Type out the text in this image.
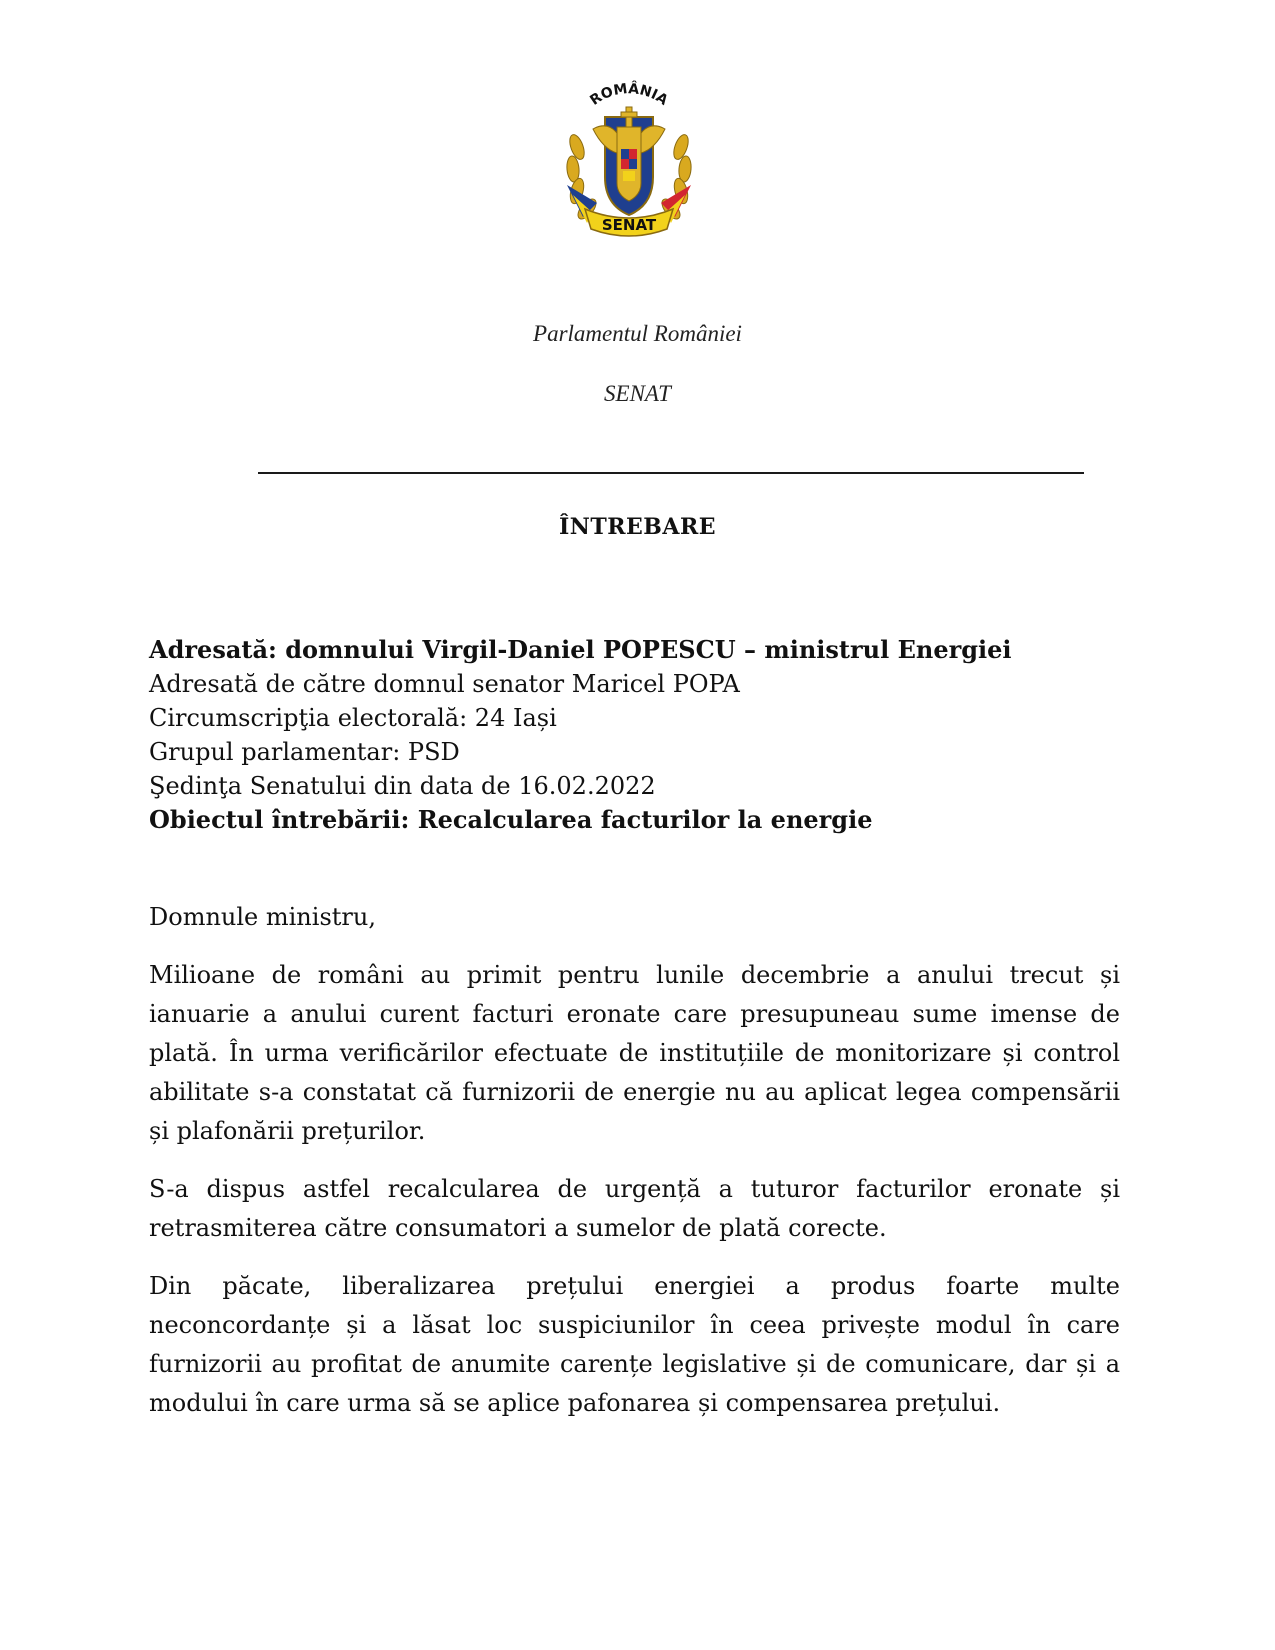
ROMÂNIA
SENAT
Parlamentul României
SENAT
ÎNTREBARE
Adresată: domnului Virgil-Daniel POPESCU – ministrul Energiei
Adresată de către domnul senator Maricel POPA
Circumscripţia electorală: 24 Iași
Grupul parlamentar: PSD
Şedinţa Senatului din data de 16.02.2022
Obiectul întrebării: Recalcularea facturilor la energie

Domnule ministru,

Milioane de români au primit pentru lunile decembrie a anului trecut și ianuarie a anului curent facturi eronate care presupuneau sume imense de plată. În urma verificărilor efectuate de instituțiile de monitorizare și control abilitate s-a constatat că furnizorii de energie nu au aplicat legea compensării și plafonării prețurilor.

S-a dispus astfel recalcularea de urgență a tuturor facturilor eronate și retrasmiterea către consumatori a sumelor de plată corecte.

Din păcate, liberalizarea prețului energiei a produs foarte multe neconcordanțe și a lăsat loc suspiciunilor în ceea privește modul în care furnizorii au profitat de anumite carențe legislative și de comunicare, dar și a modului în care urma să se aplice pafonarea și compensarea prețului.
